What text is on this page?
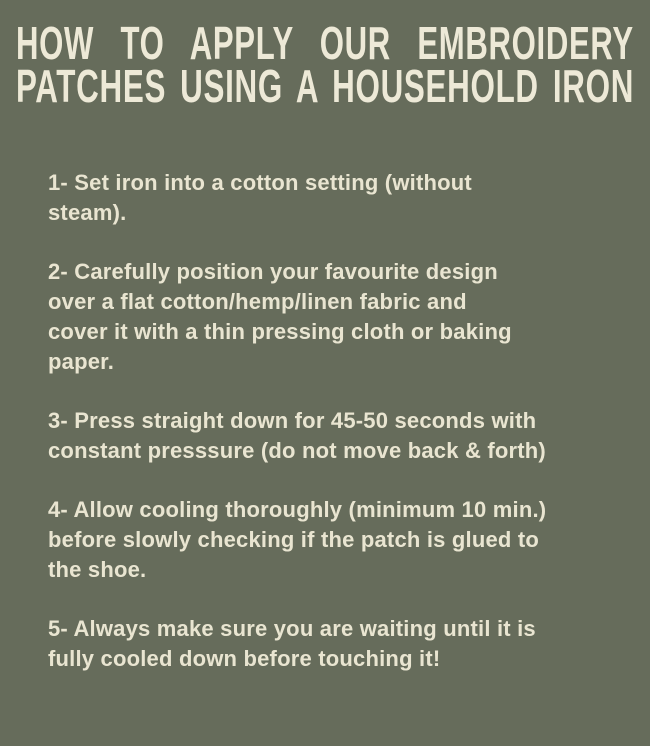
HOW TO APPLY OUR EMBROIDERY
PATCHES USING A HOUSEHOLD IRON

1- Set iron into a cotton setting (without
steam).

2- Carefully position your favourite design
over a flat cotton/hemp/linen fabric and
cover it with a thin pressing cloth or baking
paper.

3- Press straight down for 45-50 seconds with
constant presssure (do not move back & forth)

4- Allow cooling thoroughly (minimum 10 min.)
before slowly checking if the patch is glued to
the shoe.

5- Always make sure you are waiting until it is
fully cooled down before touching it!
